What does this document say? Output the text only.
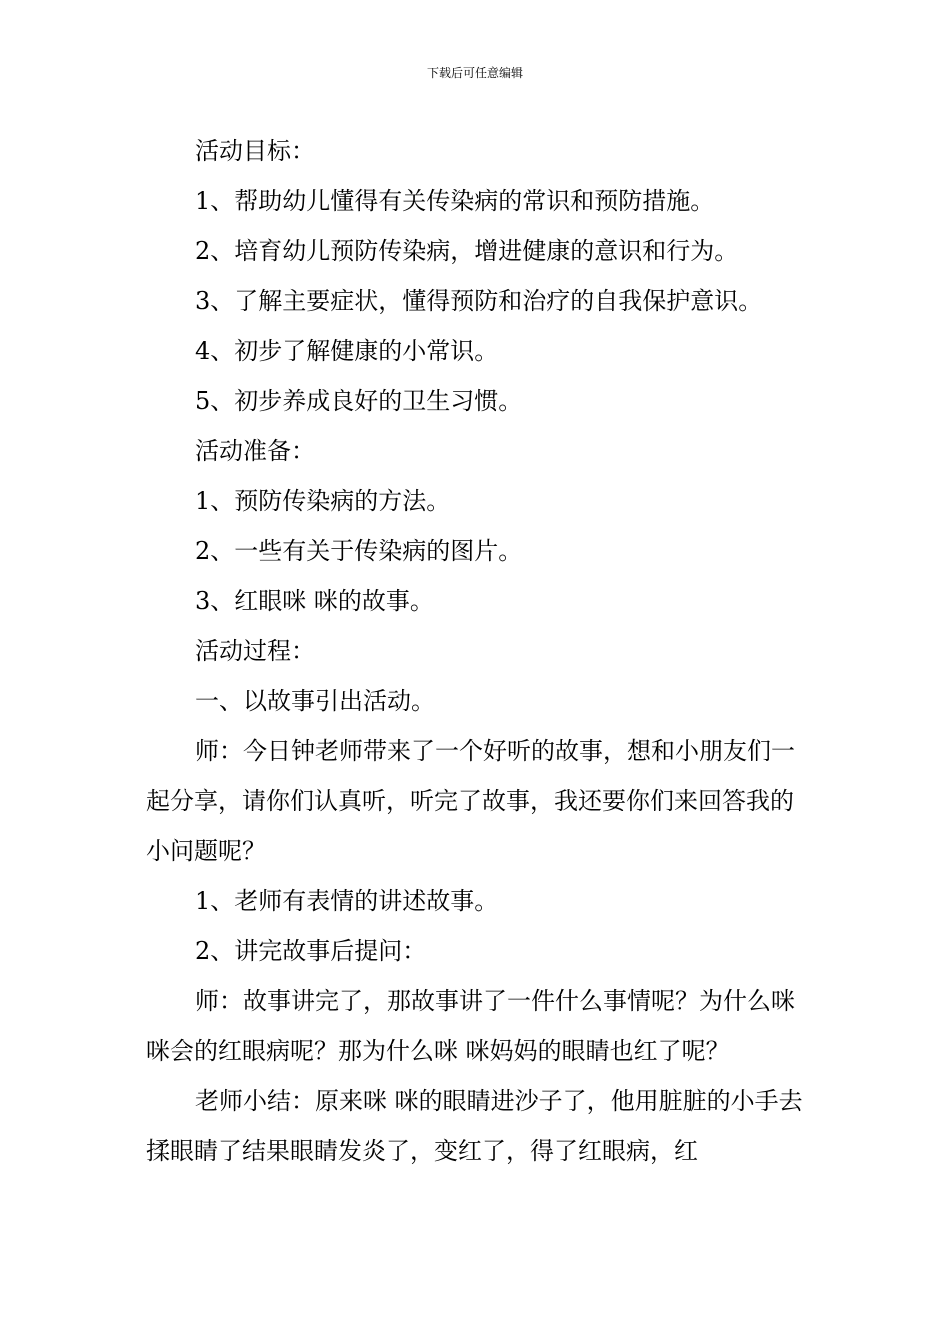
下载后可任意编辑

活动目标：

1、帮助幼儿懂得有关传染病的常识和预防措施。

2、培育幼儿预防传染病，增进健康的意识和行为。

3、了解主要症状，懂得预防和治疗的自我保护意识。

4、初步了解健康的小常识。

5、初步养成良好的卫生习惯。

活动准备：

1、预防传染病的方法。

2、一些有关于传染病的图片。

3、红眼咪 咪的故事。

活动过程：

一、以故事引出活动。

师：今日钟老师带来了一个好听的故事，想和小朋友们一起分享，请你们认真听，听完了故事，我还要你们来回答我的小问题呢？

1、老师有表情的讲述故事。

2、讲完故事后提问：

师：故事讲完了，那故事讲了一件什么事情呢？为什么咪 咪会的红眼病呢？那为什么咪 咪妈妈的眼睛也红了呢？

老师小结：原来咪 咪的眼睛进沙子了，他用脏脏的小手去揉眼睛了结果眼睛发炎了，变红了，得了红眼病，红
